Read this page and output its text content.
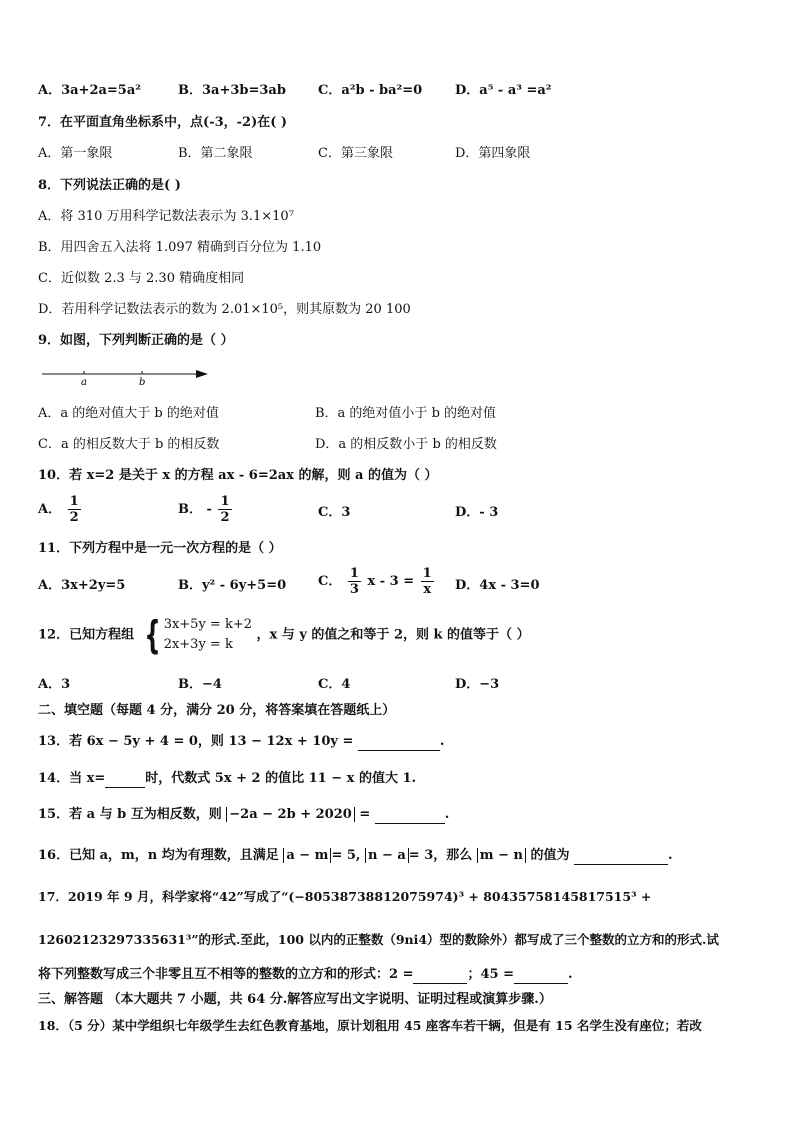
A．3a+2a=5a²	B．3a+3b=3ab C．a²b - ba²=0	D．a⁵ - a³ =a²
7．在平面直角坐标系中，点(-3，-2)在( )
A．第一象限	B．第二象限	C．第三象限	D．第四象限
8．下列说法正确的是( )
A．将 310 万用科学记数法表示为 3.1×10⁷
B．用四舍五入法将 1.097 精确到百分位为 1.10
C．近似数 2.3 与 2.30 精确度相同
D．若用科学记数法表示的数为 2.01×10⁵，则其原数为 20 100
9．如图，下列判断正确的是（ ）
a	b
A．a 的绝对值大于 b 的绝对值	B．a 的绝对值小于 b 的绝对值
C．a 的相反数大于 b 的相反数	D．a 的相反数小于 b 的相反数
10．若 x=2 是关于 x 的方程 ax - 6=2ax 的解，则 a 的值为（ ）
A． $\frac{1}{2}$	B． - $\frac{1}{2}$	C．3	D．- 3
11．下列方程中是一元一次方程的是（ ）
A．3x+2y=5	B．y² - 6y+5=0 C． $\frac{1}{3}$ $x - 3 = \frac{1}{x}$ D．4x - 3=0
12．已知方程组 { 3x+5y = k+2
2x+3y = k
，x 与 y 的值之和等于 2，则 k 的值等于（ ）
A．3	B．−4	C．4	D．−3
二、填空题（每题 4 分，满分 20 分，将答案填在答题纸上）
13．若 6x − 5y + 4 = 0，则 13 − 12x + 10y =	.
14．当 x=	时，代数式 5x + 2 的值比 11 − x 的值大 1.
15．若 a 与 b 互为相反数，则 −2a − 2b + 2020 =	.
16．已知 a，m，n 均为有理数，且满足 a − m = 5, n − a = 3，那么 m − n 的值为	.
17．2019 年 9 月，科学家将“42”写成了“(−80538738812075974)³ + 80435758145817515³ +
12602123297335631³”的形式.至此，100 以内的正整数（9ni4）型的数除外）都写成了三个整数的立方和的形式.试
将下列整数写成三个非零且互不相等的整数的立方和的形式：2 =	；45 =	.
三、解答题 （本大题共 7 小题，共 64 分.解答应写出文字说明、证明过程或演算步骤.）
18．（5 分）某中学组织七年级学生去红色教育基地，原计划租用 45 座客车若干辆，但是有 15 名学生没有座位；若改
